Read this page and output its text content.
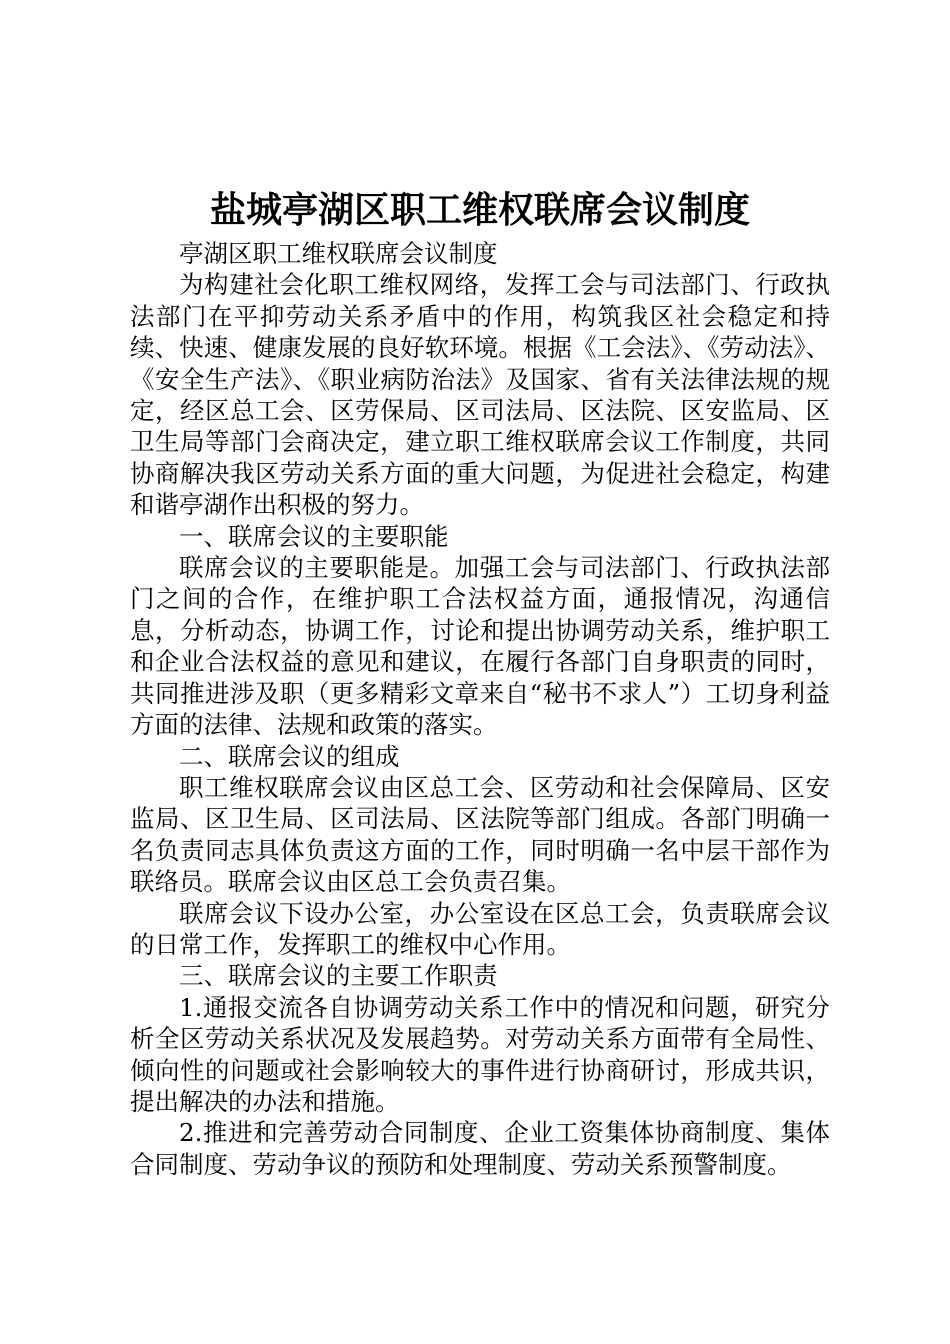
盐城亭湖区职工维权联席会议制度

亭湖区职工维权联席会议制度

为构建社会化职工维权网络，发挥工会与司法部门、行政执法部门在平抑劳动关系矛盾中的作用，构筑我区社会稳定和持续、快速、健康发展的良好软环境。根据《工会法》、《劳动法》、《安全生产法》、《职业病防治法》及国家、省有关法律法规的规定，经区总工会、区劳保局、区司法局、区法院、区安监局、区卫生局等部门会商决定，建立职工维权联席会议工作制度，共同协商解决我区劳动关系方面的重大问题，为促进社会稳定，构建和谐亭湖作出积极的努力。

一、联席会议的主要职能

联席会议的主要职能是。加强工会与司法部门、行政执法部门之间的合作，在维护职工合法权益方面，通报情况，沟通信息，分析动态，协调工作，讨论和提出协调劳动关系，维护职工和企业合法权益的意见和建议，在履行各部门自身职责的同时，共同推进涉及职（更多精彩文章来自“秘书不求人”）工切身利益方面的法律、法规和政策的落实。

二、联席会议的组成

职工维权联席会议由区总工会、区劳动和社会保障局、区安监局、区卫生局、区司法局、区法院等部门组成。各部门明确一名负责同志具体负责这方面的工作，同时明确一名中层干部作为联络员。联席会议由区总工会负责召集。

联席会议下设办公室，办公室设在区总工会，负责联席会议的日常工作，发挥职工的维权中心作用。

三、联席会议的主要工作职责

1.通报交流各自协调劳动关系工作中的情况和问题，研究分析全区劳动关系状况及发展趋势。对劳动关系方面带有全局性、倾向性的问题或社会影响较大的事件进行协商研讨，形成共识，提出解决的办法和措施。

2.推进和完善劳动合同制度、企业工资集体协商制度、集体合同制度、劳动争议的预防和处理制度、劳动关系预警制度。
